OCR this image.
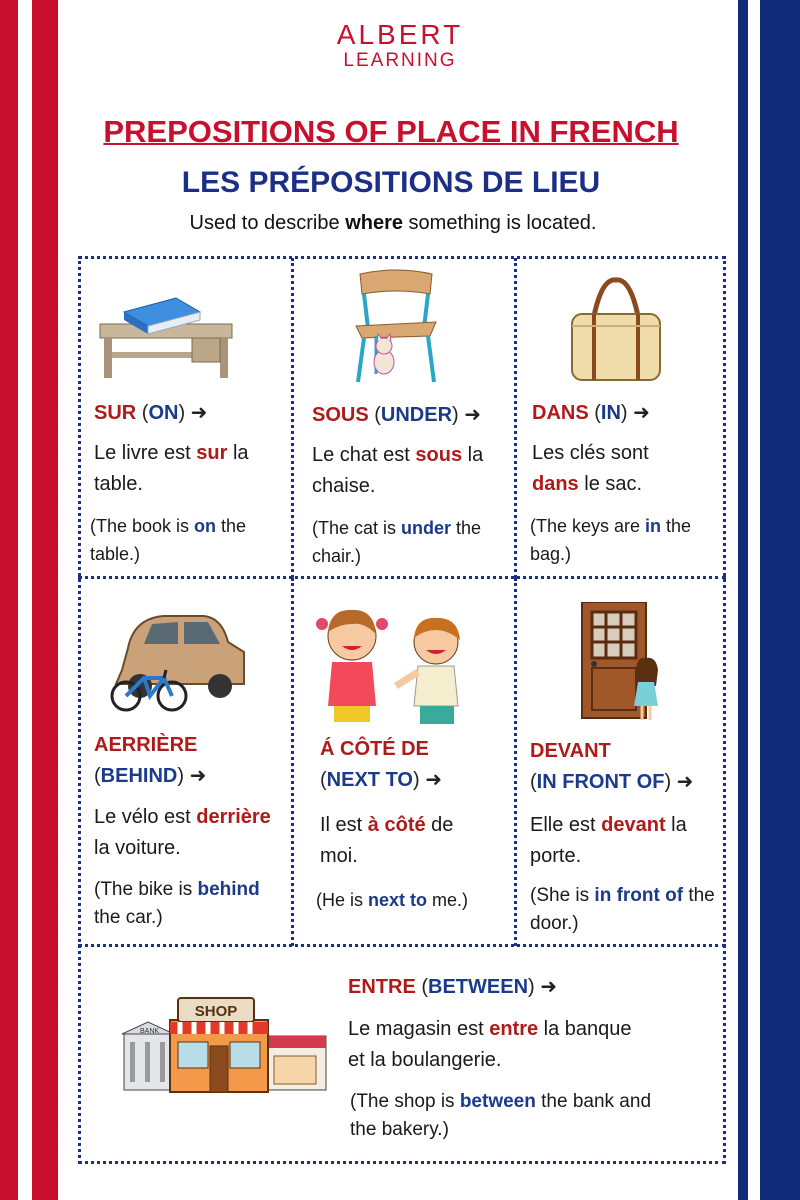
ALBERT
LEARNING
PREPOSITIONS OF PLACE IN FRENCH
LES PRÉPOSITIONS DE LIEU
Used to describe where something is located.
SUR (ON) ➜
Le livre est sur la table.
(The book is on the table.)
SOUS (UNDER) ➜
Le chat est sous la chaise.
(The cat is under the chair.)
DANS (IN) ➜
Les clés sont dans le sac.
(The keys are in the bag.)
AERRIÈRE
(BEHIND) ➜
Le vélo est derrière la voiture.
(The bike is behind the car.)
Á CÔTÉ DE
(NEXT TO) ➜
Il est à côté de moi.
(He is next to me.)
DEVANT
(IN FRONT OF) ➜
Elle est devant la porte.
(She is in front of the door.)
BANK
SHOP
ENTRE (BETWEEN) ➜
Le magasin est entre la banque et la boulangerie.
(The shop is between the bank and the bakery.)
